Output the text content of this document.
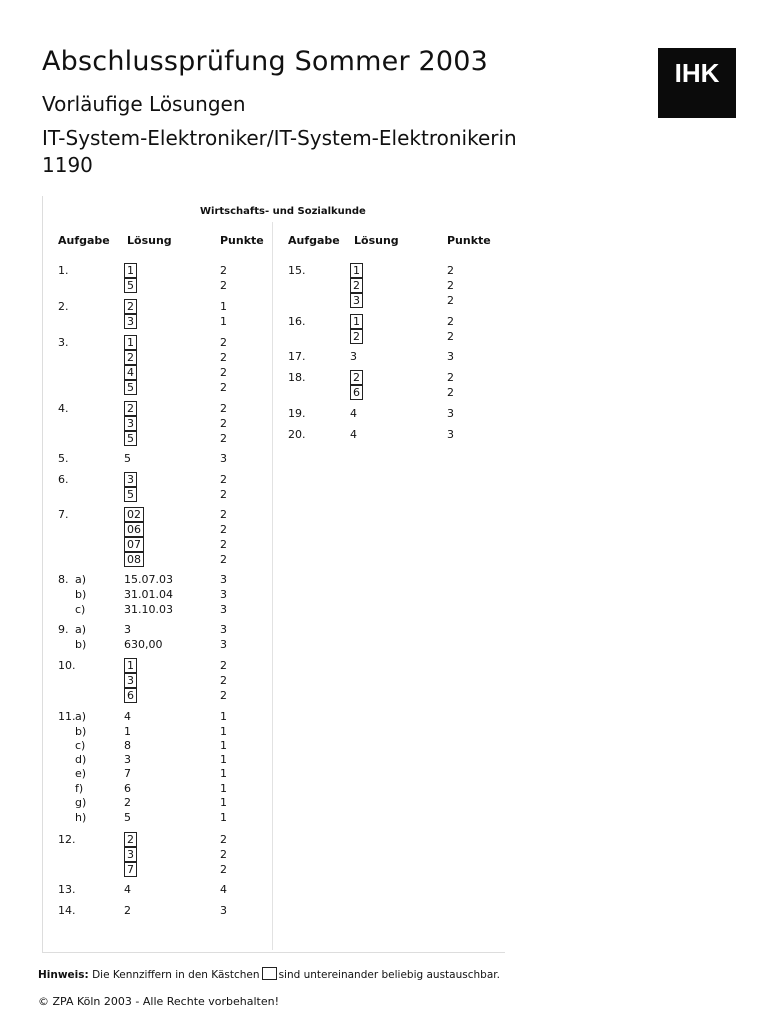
Abschlussprüfung Sommer 2003
Vorläufige Lösungen
IT-System-Elektroniker/IT-System-Elektronikerin
1190
IHK
Wirtschafts- und Sozialkunde
Aufgabe Lösung	Punkte Aufgabe Lösung	Punkte
1.	1	2
5	2
2.	2	1
3	1
3.	1	2
2	2
4	2
5	2
4.	2	2
3	2
5	2
5.	5	3
6.	3	2
5	2
7.	02	2
06	2
07	2
08	2
8. a)	15.07.03	3
b)	31.01.04	3
c)	31.10.03	3
9. a)	3	3
b)	630,00	3
10.	1	2
3	2
6	2
11. a)	4	1
b)	1	1
c)	8	1
d)	3	1
e)	7	1
f)	6	1
g)	2	1
h)	5	1
12.	2	2
3	2
7	2
13.	4	4
14.	2	3
15.	1	2
2	2
3	2
16.	1	2
2	2
17.	3	3
18.	2	2
6	2
19.	4	3
20.	4	3
Hinweis: Die Kennziffern in den Kästchen sind untereinander beliebig austauschbar.
© ZPA Köln 2003 - Alle Rechte vorbehalten!
